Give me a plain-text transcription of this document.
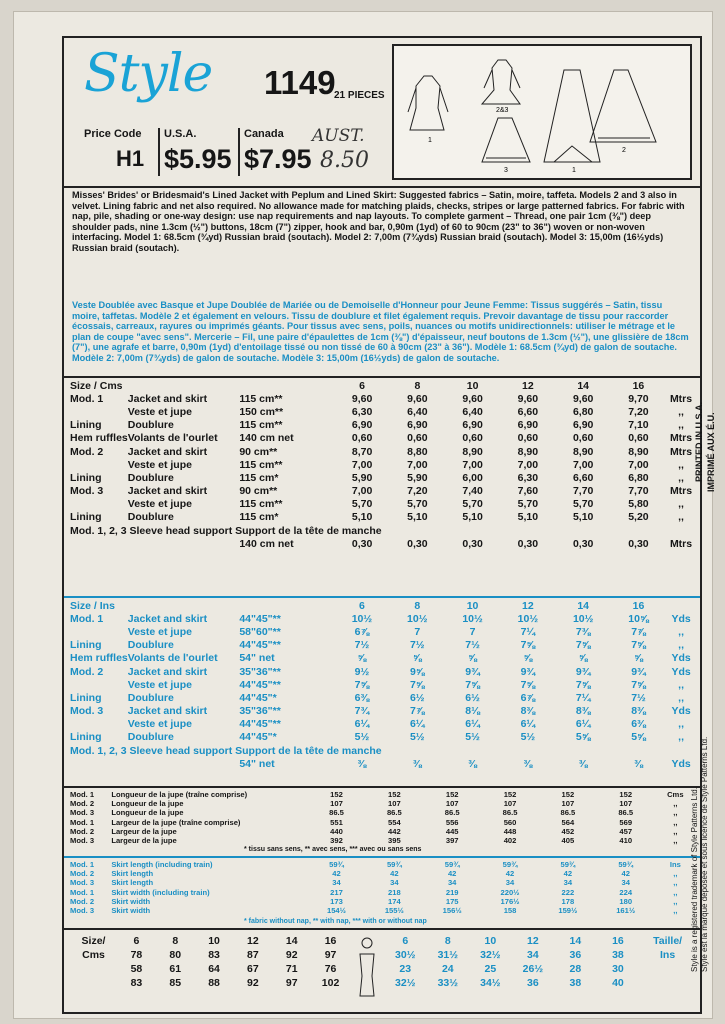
Style 1149
21 PIECES
Price Code U.S.A.	Canada
H1 $5.95 $7.95
AUST.
8.50
1
2&3
3	1
2
Misses' Brides' or Bridesmaid's Lined Jacket with Peplum and Lined Skirt: Suggested fabrics – Satin, moire, taffeta. Models 2 and 3 also in velvet. Lining fabric and net also required. No allowance made for matching plaids, checks, stripes or large patterned fabrics. For fabric with nap, pile, shading or one-way design: use nap requirements and nap layouts. To complete garment – Thread, one pair 1cm (⅜") deep shoulder pads, nine 1.3cm (½") buttons, 18cm (7") zipper, hook and bar, 0,90m (1yd) of 60 to 90cm (23" to 36") woven or non-woven interfacing. Model 1: 68.5cm (¾yd) Russian braid (soutach). Model 2: 7,00m (7¾yds) Russian braid (soutach). Model 3: 15,00m (16½yds) Russian braid (soutach).
Veste Doublée avec Basque et Jupe Doublée de Mariée ou de Demoiselle d'Honneur pour Jeune Femme: Tissus suggérés – Satin, tissu moire, taffetas. Modèle 2 et également en velours. Tissu de doublure et filet également requis. Prevoir davantage de tissu pour raccorder écossais, carreaux, rayures ou imprimés géants. Pour tissus avec sens, poils, nuances ou motifs unidirectionnels: utiliser le métrage et le plan de coupe "avec sens". Mercerie – Fil, une paire d'épaulettes de 1cm (⅜") d'épaisseur, neuf boutons de 1.3cm (½"), une glissière de 18cm (7"), une agrafe et barre, 0,90m (1yd) d'entoilage tissé ou non tissé de 60 à 90cm (23" à 36"). Modèle 1: 68.5cm (¾yd) de galon de soutache. Modèle 2: 7,00m (7¾yds) de galon de soutache. Modèle 3: 15,00m (16½yds) de galon de soutache.
Size / Cms			6	8	10	12	14	16	
Mod. 1	Jacket and skirt	115 cm**	9,60	9,60	9,60	9,60	9,60	9,70	Mtrs
	Veste et jupe	150 cm**	6,30	6,40	6,40	6,60	6,80	7,20	,,
Lining	Doublure	115 cm**	6,90	6,90	6,90	6,90	6,90	7,10	,,
Hem ruffles	Volants de l'ourlet	140 cm net	0,60	0,60	0,60	0,60	0,60	0,60	Mtrs
Mod. 2	Jacket and skirt	90 cm**	8,70	8,80	8,90	8,90	8,90	8,90	Mtrs
	Veste et jupe	115 cm**	7,00	7,00	7,00	7,00	7,00	7,00	,,
Lining	Doublure	115 cm*	5,90	5,90	6,00	6,30	6,60	6,80	,,
Mod. 3	Jacket and skirt	90 cm**	7,00	7,20	7,40	7,60	7,70	7,70	Mtrs
	Veste et jupe	115 cm**	5,70	5,70	5,70	5,70	5,70	5,80	,,
Lining	Doublure	115 cm*	5,10	5,10	5,10	5,10	5,10	5,20	,,
Mod. 1, 2, 3 Sleeve head support Support de la tête de manche									
		140 cm net	0,30	0,30	0,30	0,30	0,30	0,30	Mtrs
Size / Ins			6	8	10	12	14	16	
Mod. 1	Jacket and skirt	44"45"**	10½	10½	10½	10½	10½	10⅝	Yds
	Veste et jupe	58"60"**	6⅞	7	7	7¼	7⅜	7⅞	,,
Lining	Doublure	44"45"**	7½	7½	7½	7⅝	7⅝	7⅝	,,
Hem ruffles	Volants de l'ourlet	54" net	⅝	⅝	⅝	⅝	⅝	⅝	Yds
Mod. 2	Jacket and skirt	35"36"**	9½	9⅝	9¾	9¾	9¾	9¾	Yds
	Veste et jupe	44"45"**	7⅝	7⅝	7⅝	7⅝	7⅝	7⅝	,,
Lining	Doublure	44"45"*	6⅜	6½	6½	6⅞	7¼	7½	,,
Mod. 3	Jacket and skirt	35"36"**	7¾	7⅞	8⅛	8⅜	8⅜	8⅜	Yds
	Veste et jupe	44"45"**	6¼	6¼	6¼	6¼	6¼	6⅜	,,
Lining	Doublure	44"45"*	5½	5½	5½	5½	5⅝	5⅝	,,
Mod. 1, 2, 3 Sleeve head support Support de la tête de manche									
		54" net	⅜	⅜	⅜	⅜	⅜	⅜	Yds
Mod. 1	Longueur de la jupe (traîne comprise)	152	152	152	152	152	152	Cms
Mod. 2	Longueur de la jupe	107	107	107	107	107	107	,,
Mod. 3	Longueur de la jupe	86.5	86.5	86.5	86.5	86.5	86.5	,,
Mod. 1	Largeur de la jupe (traîne comprise)	551	554	556	560	564	569	,,
Mod. 2	Largeur de la jupe	440	442	445	448	452	457	,,
Mod. 3	Largeur de la jupe	392	395	397	402	405	410	,,
* tissu sans sens, ** avec sens, *** avec ou sans sens
Mod. 1	Skirt length (including train)	59¾	59¾	59¾	59¾	59¾	59¾	Ins
Mod. 2	Skirt length	42	42	42	42	42	42	,,
Mod. 3	Skirt length	34	34	34	34	34	34	,,
Mod. 1	Skirt width (including train)	217	218	219	220½	222	224	,,
Mod. 2	Skirt width	173	174	175	176½	178	180	,,
Mod. 3	Skirt width	154½	155½	156½	158	159½	161½	,,
* fabric without nap, ** with nap, *** with or without nap
Size/	6	8	10	12	14	16
Cms	78	80	83	87	92	97
	58	61	64	67	71	76
	83	85	88	92	97	102
6	8	10	12	14	16	Taille/
30½	31½	32½	34	36	38	Ins
23	24	25	26½	28	30	
32½	33½	34½	36	38	40	
PRINTED IN U.S.A. IMPRIMÉ AUX É.U.
Style is a registered trademark of Style Patterns Ltd. Style est la marque déposée et sous licence de Style Patterns Ltd.
